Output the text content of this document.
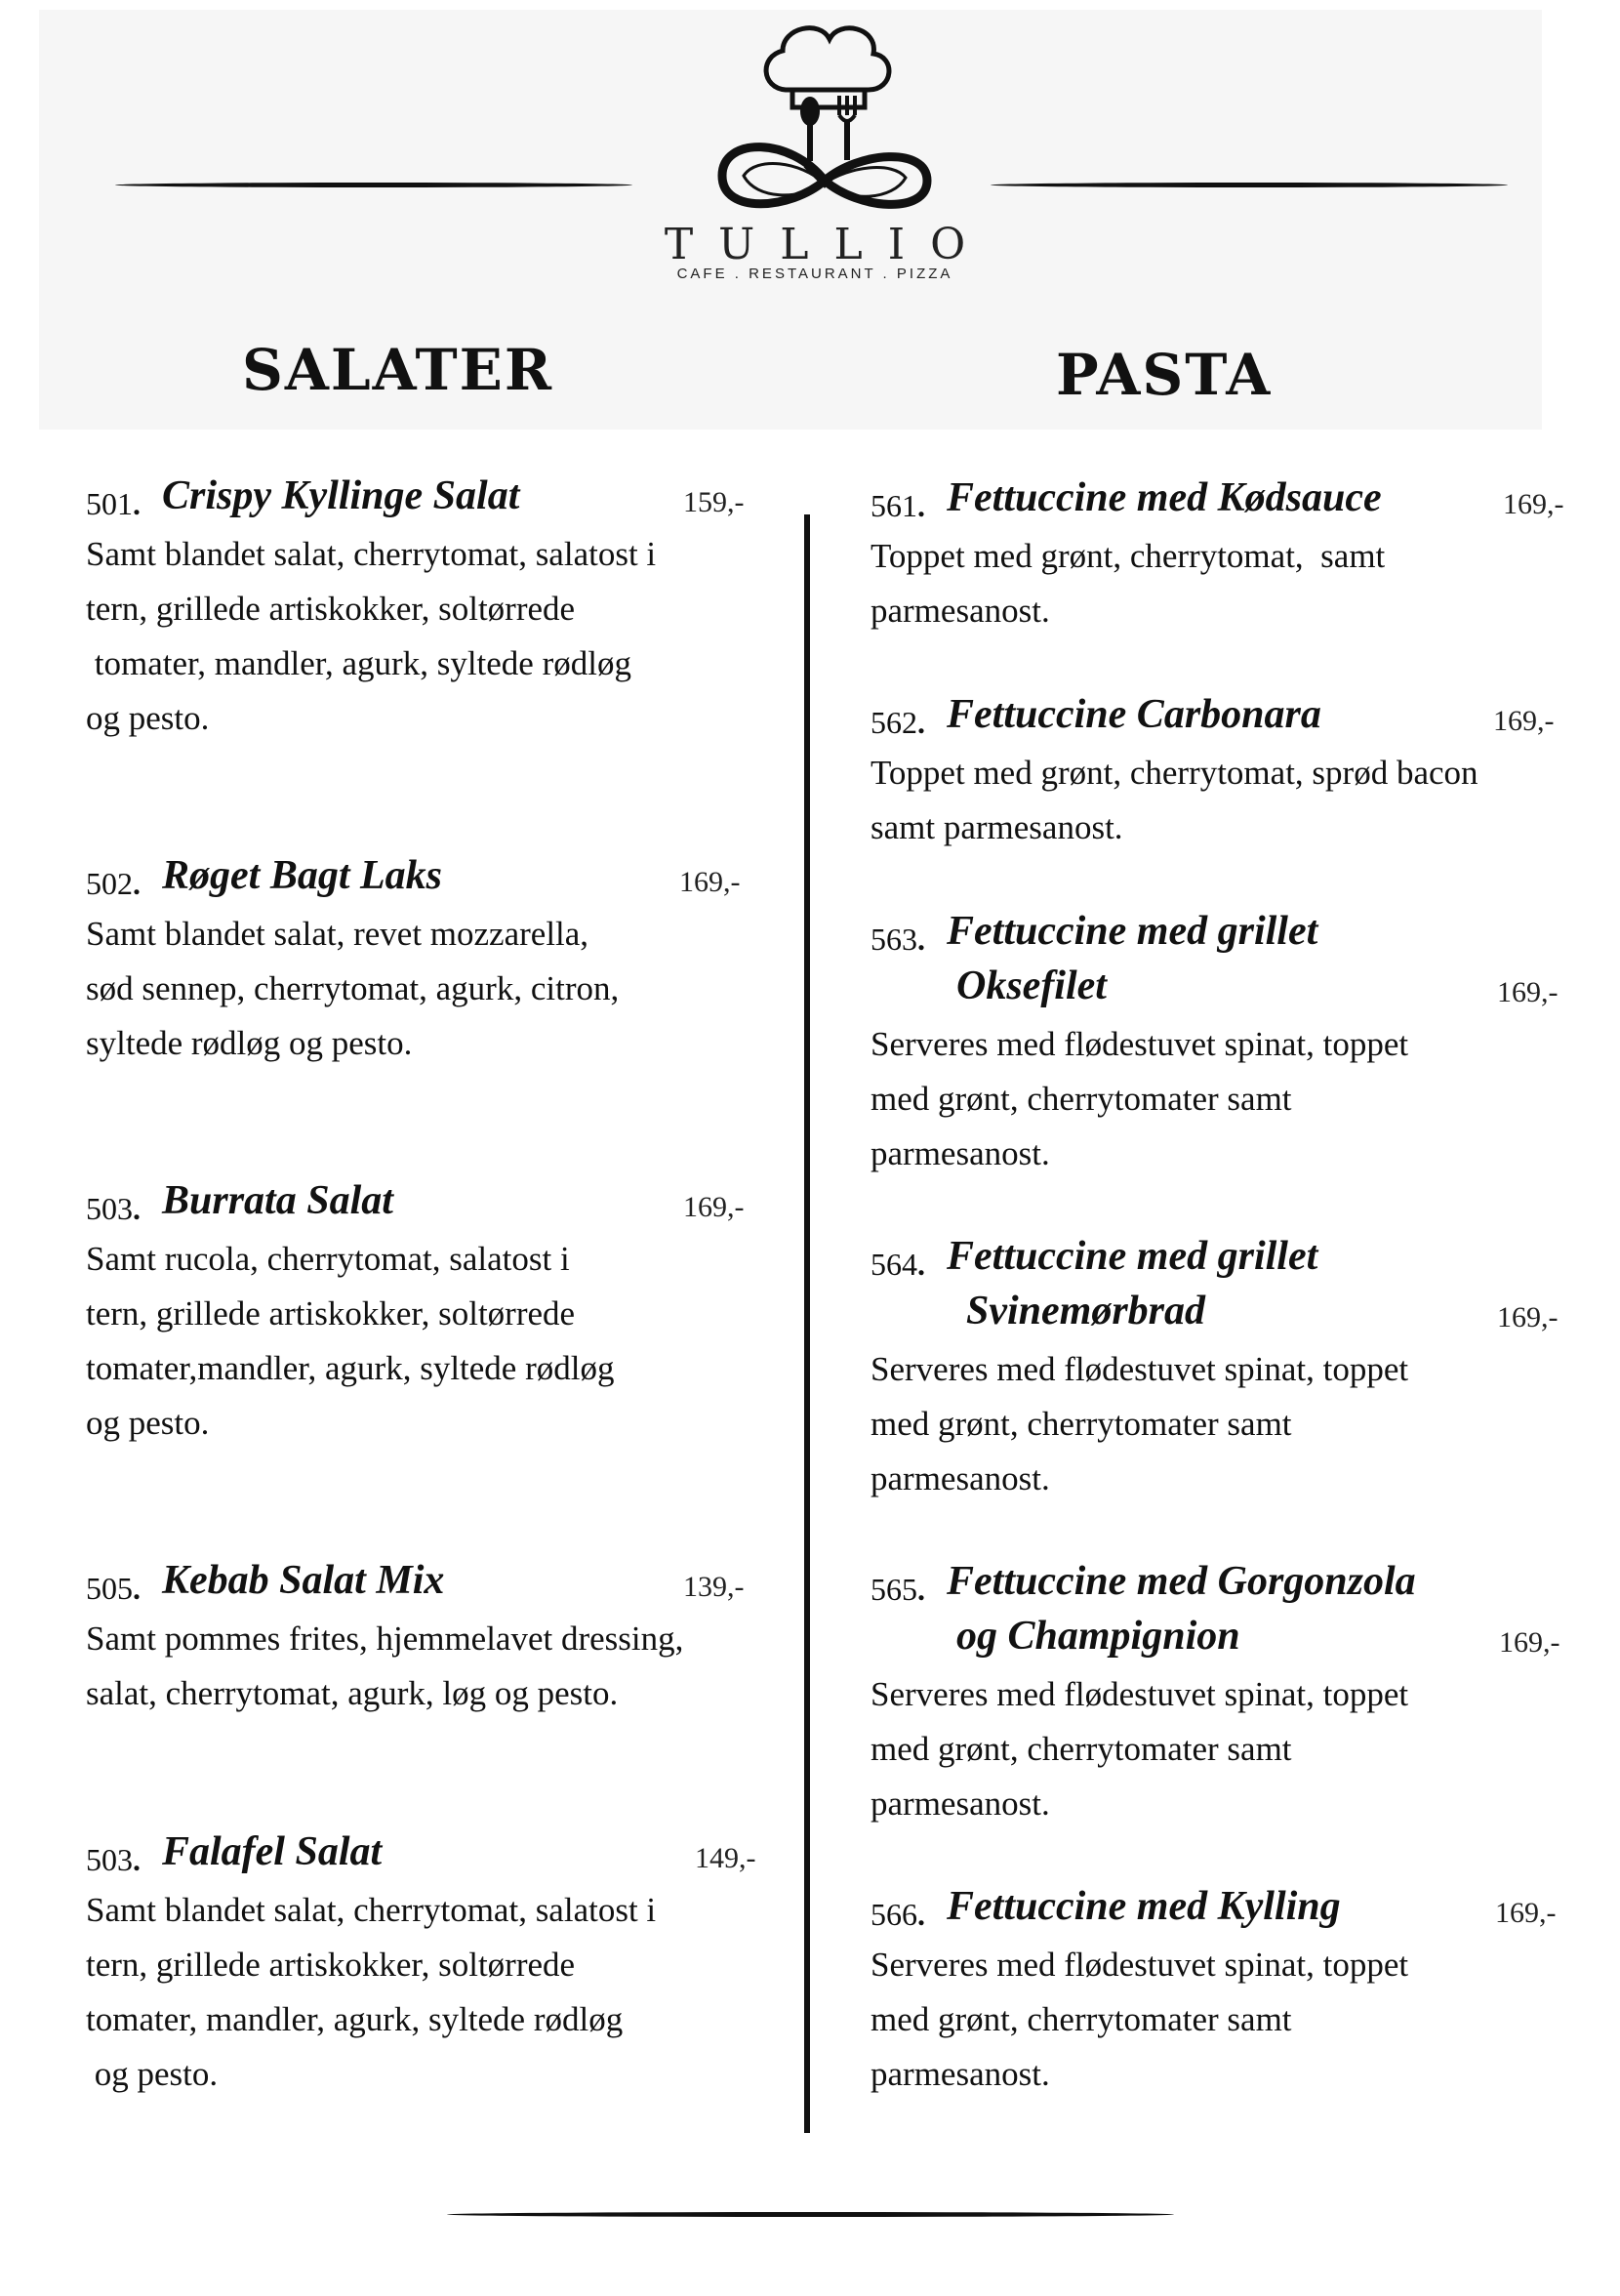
TULLIO
CAFE . RESTAURANT . PIZZA
SALATER	PASTA
501. Crispy Kyllinge Salat	159,-
Samt blandet salat, cherrytomat, salatost i
tern, grillede artiskokker, soltørrede
tomater, mandler, agurk, syltede rødløg
og pesto.
502. Røget Bagt Laks	169,-
Samt blandet salat, revet mozzarella,
sød sennep, cherrytomat, agurk, citron,
syltede rødløg og pesto.
503. Burrata Salat	169,-
Samt rucola, cherrytomat, salatost i
tern, grillede artiskokker, soltørrede
tomater,mandler, agurk, syltede rødløg
og pesto.
505. Kebab Salat Mix	139,-
Samt pommes frites, hjemmelavet dressing,
salat, cherrytomat, agurk, løg og pesto.
503. Falafel Salat	149,-
Samt blandet salat, cherrytomat, salatost i
tern, grillede artiskokker, soltørrede
tomater, mandler, agurk, syltede rødløg
og pesto.
561. Fettuccine med Kødsauce	169,-
Toppet med grønt, cherrytomat,  samt
parmesanost.
562. Fettuccine Carbonara	169,-
Toppet med grønt, cherrytomat, sprød bacon
samt parmesanost.
563. Fettuccine med grillet
Oksefilet	169,-
Serveres med flødestuvet spinat, toppet
med grønt, cherrytomater samt
parmesanost.
564. Fettuccine med grillet
Svinemørbrad	169,-
Serveres med flødestuvet spinat, toppet
med grønt, cherrytomater samt
parmesanost.
565. Fettuccine med Gorgonzola
og Champignion	169,-
Serveres med flødestuvet spinat, toppet
med grønt, cherrytomater samt
parmesanost.
566. Fettuccine med Kylling	169,-
Serveres med flødestuvet spinat, toppet
med grønt, cherrytomater samt
parmesanost.
